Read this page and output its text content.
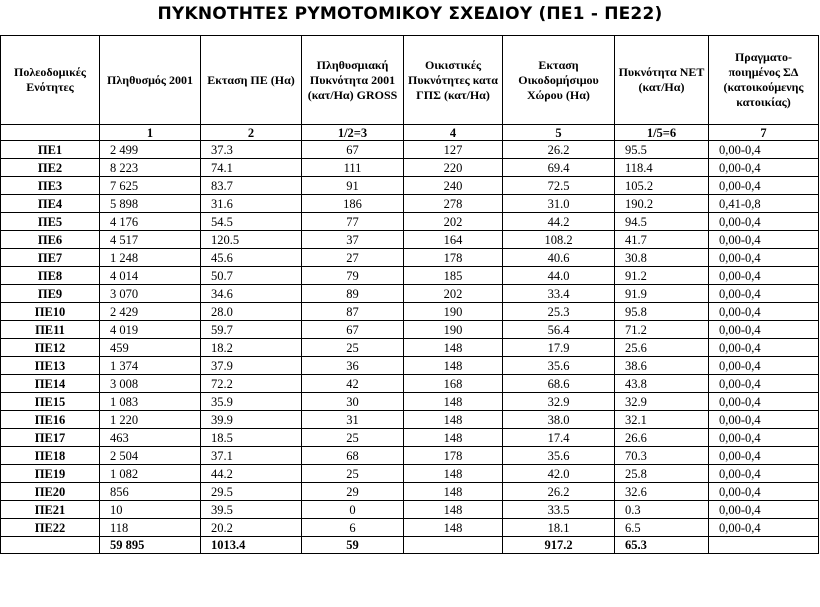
ΠΥΚΝΟΤΗΤΕΣ ΡΥΜΟΤΟΜΙΚΟΥ ΣΧΕΔΙΟΥ (ΠΕ1 - ΠΕ22)
Πολεοδομικές Ενότητες	Πληθυσμός 2001	Εκταση ΠΕ (Ηα)	Πληθυσμιακή Πυκνότητα 2001 (κατ/Ηα) GROSS	Οικιστικές Πυκνότητες κατα ΓΠΣ (κατ/Ηα)	Εκταση Οικοδομήσιμου Χώρου (Ηα)	Πυκνότητα ΝΕΤ (κατ/Ηα)	Πραγματο-ποιημένος ΣΔ (κατοικούμενης κατοικίας)
	1	2	1/2=3	4	5	1/5=6	7
ΠΕ1	2 499	37.3	67	127	26.2	95.5	0,00-0,4
ΠΕ2	8 223	74.1	111	220	69.4	118.4	0,00-0,4
ΠΕ3	7 625	83.7	91	240	72.5	105.2	0,00-0,4
ΠΕ4	5 898	31.6	186	278	31.0	190.2	0,41-0,8
ΠΕ5	4 176	54.5	77	202	44.2	94.5	0,00-0,4
ΠΕ6	4 517	120.5	37	164	108.2	41.7	0,00-0,4
ΠΕ7	1 248	45.6	27	178	40.6	30.8	0,00-0,4
ΠΕ8	4 014	50.7	79	185	44.0	91.2	0,00-0,4
ΠΕ9	3 070	34.6	89	202	33.4	91.9	0,00-0,4
ΠΕ10	2 429	28.0	87	190	25.3	95.8	0,00-0,4
ΠΕ11	4 019	59.7	67	190	56.4	71.2	0,00-0,4
ΠΕ12	459	18.2	25	148	17.9	25.6	0,00-0,4
ΠΕ13	1 374	37.9	36	148	35.6	38.6	0,00-0,4
ΠΕ14	3 008	72.2	42	168	68.6	43.8	0,00-0,4
ΠΕ15	1 083	35.9	30	148	32.9	32.9	0,00-0,4
ΠΕ16	1 220	39.9	31	148	38.0	32.1	0,00-0,4
ΠΕ17	463	18.5	25	148	17.4	26.6	0,00-0,4
ΠΕ18	2 504	37.1	68	178	35.6	70.3	0,00-0,4
ΠΕ19	1 082	44.2	25	148	42.0	25.8	0,00-0,4
ΠΕ20	856	29.5	29	148	26.2	32.6	0,00-0,4
ΠΕ21	10	39.5	0	148	33.5	0.3	0,00-0,4
ΠΕ22	118	20.2	6	148	18.1	6.5	0,00-0,4
	59 895	1013.4	59		917.2	65.3	
